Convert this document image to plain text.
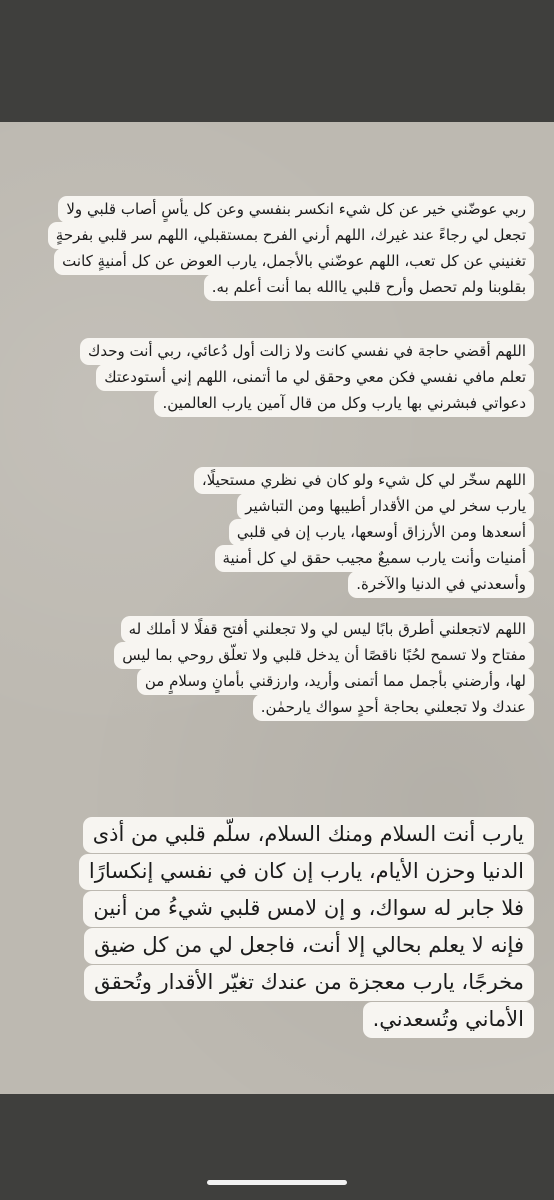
ربي عوضّني خير عن كل شيء انكسر بنفسي وعن كل يأسٍ أصاب قلبي ولا
تجعل لي رجاءً عند غيرك، اللهم أرني الفرح بمستقبلي، اللهم سر قلبي بفرحةٍ
تغنيني عن كل تعب، اللهم عوضّني بالأجمل، يارب العوض عن كل أمنيةٍ كانت
بقلوبنا ولم تحصل وأرح قلبي ياالله بما أنت أعلم به.
اللهم أقضي حاجة في نفسي كانت ولا زالت أول دُعائي، ربي أنت وحدك
تعلم مافي نفسي فكن معي وحقق لي ما أتمنى، اللهم إني أستودعتك
دعواتي فبشرني بها يارب وكل من قال آمين يارب العالمين.
اللهم سخّر لي كل شيء ولو كان في نظري مستحيلًا،
يارب سخر لي من الأقدار أطيبها ومن التباشير
أسعدها ومن الأرزاق أوسعها، يارب إن في قلبي
أمنيات وأنت يارب سميعٌ مجيب حقق لي كل أمنية
وأسعدني في الدنيا والآخرة.
اللهم لاتجعلني أطرق بابًا ليس لي ولا تجعلني أفتح قفلًا لا أملك له
مفتاح ولا تسمح لحُبًا ناقصًا أن يدخل قلبي ولا تعلّق روحي بما ليس
لها، وأرضني بأجمل مما أتمنى وأريد، وارزقني بأمانٍ وسلامٍ من
عندك ولا تجعلني بحاجة أحدٍ سواك يارحمٰن.
يارب أنت السلام ومنك السلام، سلّم قلبي من أذى
الدنيا وحزن الأيام، يارب إن كان في نفسي إنكسارًا
فلا جابر له سواك، و إن لامس قلبي شيءُ من أنين
فإنه لا يعلم بحالي إلا أنت، فاجعل لي من كل ضيق
مخرجًا، يارب معجزة من عندك تغيّر الأقدار وتُحقق
الأماني وتُسعدني.
